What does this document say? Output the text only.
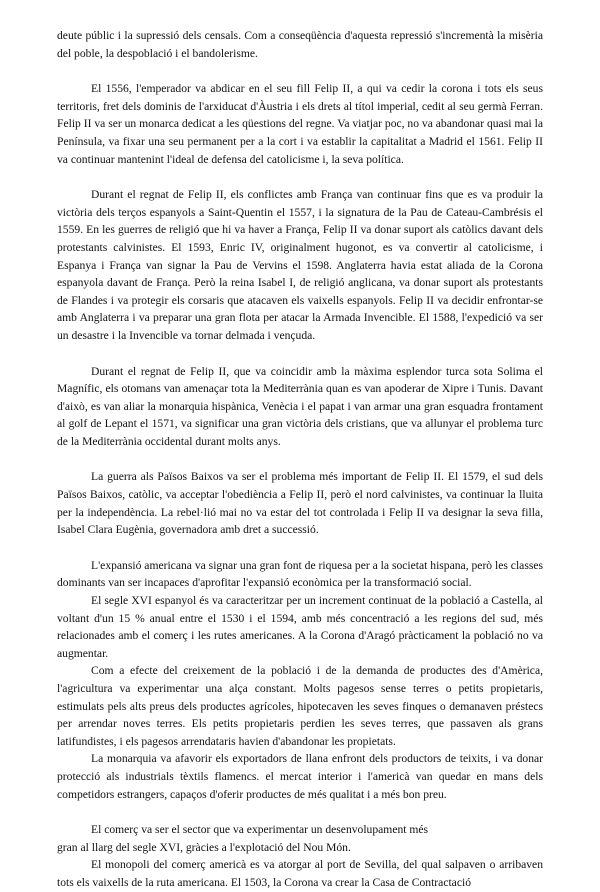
deute públic i la supressió dels censals. Com a conseqüència d'aquesta repressió s'incrementà la misèria del poble, la despoblació i el bandolerisme.

El 1556, l'emperador va abdicar en el seu fill Felip II, a qui va cedir la corona i tots els seus territoris, fret dels dominis de l'arxiducat d'Àustria i els drets al títol imperial, cedit al seu germà Ferran. Felip II va ser un monarca dedicat a les qüestions del regne. Va viatjar poc, no va abandonar quasi mai la Península, va fixar una seu permanent per a la cort i va establir la capitalitat a Madrid el 1561. Felip II va continuar mantenint l'ideal de defensa del catolicisme i, la seva política.

Durant el regnat de Felip II, els conflictes amb França van continuar fins que es va produir la victòria dels terços espanyols a Saint-Quentin el 1557, i la signatura de la Pau de Cateau-Cambrésis el 1559. En les guerres de religió que hi va haver a França, Felip II va donar suport als catòlics davant dels protestants calvinistes. El 1593, Enric IV, originalment hugonot, es va convertir al catolicisme, i Espanya i França van signar la Pau de Vervins el 1598. Anglaterra havia estat aliada de la Corona espanyola davant de França. Però la reina Isabel I, de religió anglicana, va donar suport als protestants de Flandes i va protegir els corsaris que atacaven els vaixells espanyols. Felip II va decidir enfrontar-se amb Anglaterra i va preparar una gran flota per atacar la Armada Invencible. El 1588, l'expedició va ser un desastre i la Invencible va tornar delmada i vençuda.

Durant el regnat de Felip II, que va coincidir amb la màxima esplendor turca sota Solima el Magnífic, els otomans van amenaçar tota la Mediterrània quan es van apoderar de Xipre i Tunis. Davant d'això, es van aliar la monarquia hispànica, Venècia i el papat i van armar una gran esquadra frontament al golf de Lepant el 1571, va significar una gran victòria dels cristians, que va allunyar el problema turc de la Mediterrània occidental durant molts anys.

La guerra als Països Baixos va ser el problema més important de Felip II. El 1579, el sud dels Països Baixos, catòlic, va acceptar l'obediència a Felip II, però el nord calvinistes, va continuar la lluita per la independència. La rebel·lió mai no va estar del tot controlada i Felip II va designar la seva filla, Isabel Clara Eugènia, governadora amb dret a successió.

L'expansió americana va signar una gran font de riquesa per a la societat hispana, però les classes dominants van ser incapaces d'aprofitar l'expansió econòmica per la transformació social.

El segle XVI espanyol és va caracteritzar per un increment continuat de la població a Castella, al voltant d'un 15 % anual entre el 1530 i el 1594, amb més concentració a les regions del sud, més relacionades amb el comerç i les rutes americanes. A la Corona d'Aragó pràcticament la població no va augmentar.

Com a efecte del creixement de la població i de la demanda de productes des d'Amèrica, l'agricultura va experimentar una alça constant. Molts pagesos sense terres o petits propietaris, estimulats pels alts preus dels productes agrícoles, hipotecaven les seves finques o demanaven préstecs per arrendar noves terres. Els petits propietaris perdien les seves terres, que passaven als grans latifundistes, i els pagesos arrendataris havien d'abandonar les propietats.

La monarquia va afavorir els exportadors de llana enfront dels productors de teixits, i va donar protecció als industrials tèxtils flamencs. el mercat interior i l'americà van quedar en mans dels competidors estrangers, capaços d'oferir productes de més qualitat i a més bon preu.

El comerç va ser el sector que va experimentar un desenvolupament més

gran al llarg del segle XVI, gràcies a l'explotació del Nou Món.

El monopoli del comerç americà es va atorgar al port de Sevilla, del qual salpaven o arribaven tots els vaixells de la ruta americana. El 1503, la Corona va crear la Casa de Contractació
